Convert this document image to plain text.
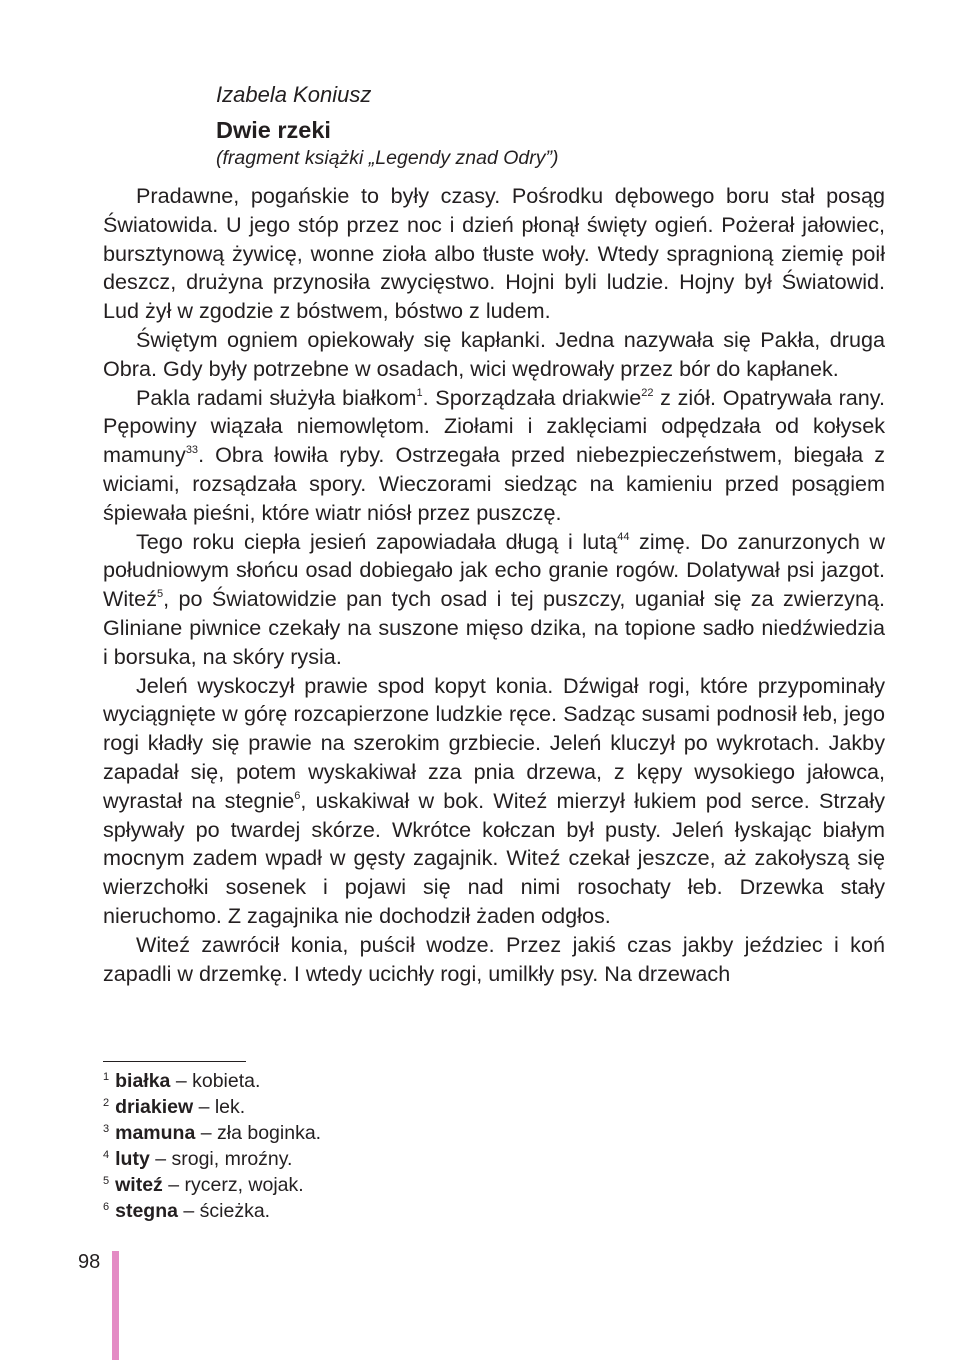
Izabela Koniusz
Dwie rzeki
(fragment książki „Legendy znad Odry”)

Pradawne, pogańskie to były czasy. Pośrodku dębowego boru stał posąg Światowida. U jego stóp przez noc i dzień płonął święty ogień. Pożerał jałowiec, bursztynową żywicę, wonne zioła albo tłuste woły. Wtedy spragnioną ziemię poił deszcz, drużyna przynosiła zwycięstwo. Hojni byli ludzie. Hojny był Światowid. Lud żył w zgodzie z bóstwem, bóstwo z ludem.

Świętym ogniem opiekowały się kapłanki. Jedna nazywała się Pakła, druga Obra. Gdy były potrzebne w osadach, wici wędrowały przez bór do kapłanek.

Pakla radami służyła białkom$^1$. Sporządzała driakwie$^{22}$ z ziół. Opatrywała rany. Pępowiny wiązała niemowlętom. Ziołami i zaklęciami odpędzała od kołysek mamuny$^{33}$. Obra łowiła ryby. Ostrzegała przed niebezpieczeństwem, biegała z wiciami, rozsądzała spory. Wieczorami siedząc na kamieniu przed posągiem śpiewała pieśni, które wiatr niósł przez puszczę.

Tego roku ciepła jesień zapowiadała długą i lutą$^{44}$ zimę. Do zanurzonych w południowym słońcu osad dobiegało jak echo granie rogów. Dolatywał psi jazgot. Witeź$^5$, po Światowidzie pan tych osad i tej puszczy, uganiał się za zwierzyną. Gliniane piwnice czekały na suszone mięso dzika, na topione sadło niedźwiedzia i borsuka, na skóry rysia.

Jeleń wyskoczył prawie spod kopyt konia. Dźwigał rogi, które przypominały wyciągnięte w górę rozcapierzone ludzkie ręce. Sadząc susami podnosił łeb, jego rogi kładły się prawie na szerokim grzbiecie. Jeleń kluczył po wykrotach. Jakby zapadał się, potem wyskakiwał zza pnia drzewa, z kępy wysokiego jałowca, wyrastał na stegnie$^6$, uskakiwał w bok. Witeź mierzył łukiem pod serce. Strzały spływały po twardej skórze. Wkrótce kołczan był pusty. Jeleń łyskając białym mocnym zadem wpadł w gęsty zagajnik. Witeź czekał jeszcze, aż zakołyszą się wierzchołki sosenek i pojawi się nad nimi rosochaty łeb. Drzewka stały nieruchomo. Z zagajnika nie dochodził żaden odgłos.

Witeź zawrócił konia, puścił wodze. Przez jakiś czas jakby jeździec i koń zapadli w drzemkę. I wtedy ucichły rogi, umilkły psy. Na drzewach

$^1$ białka – kobieta.
$^2$ driakiew – lek.
$^3$ mamuna – zła boginka.
$^4$ luty – srogi, mroźny.
$^5$ witeź – rycerz, wojak.
$^6$ stegna – ścieżka.
98
